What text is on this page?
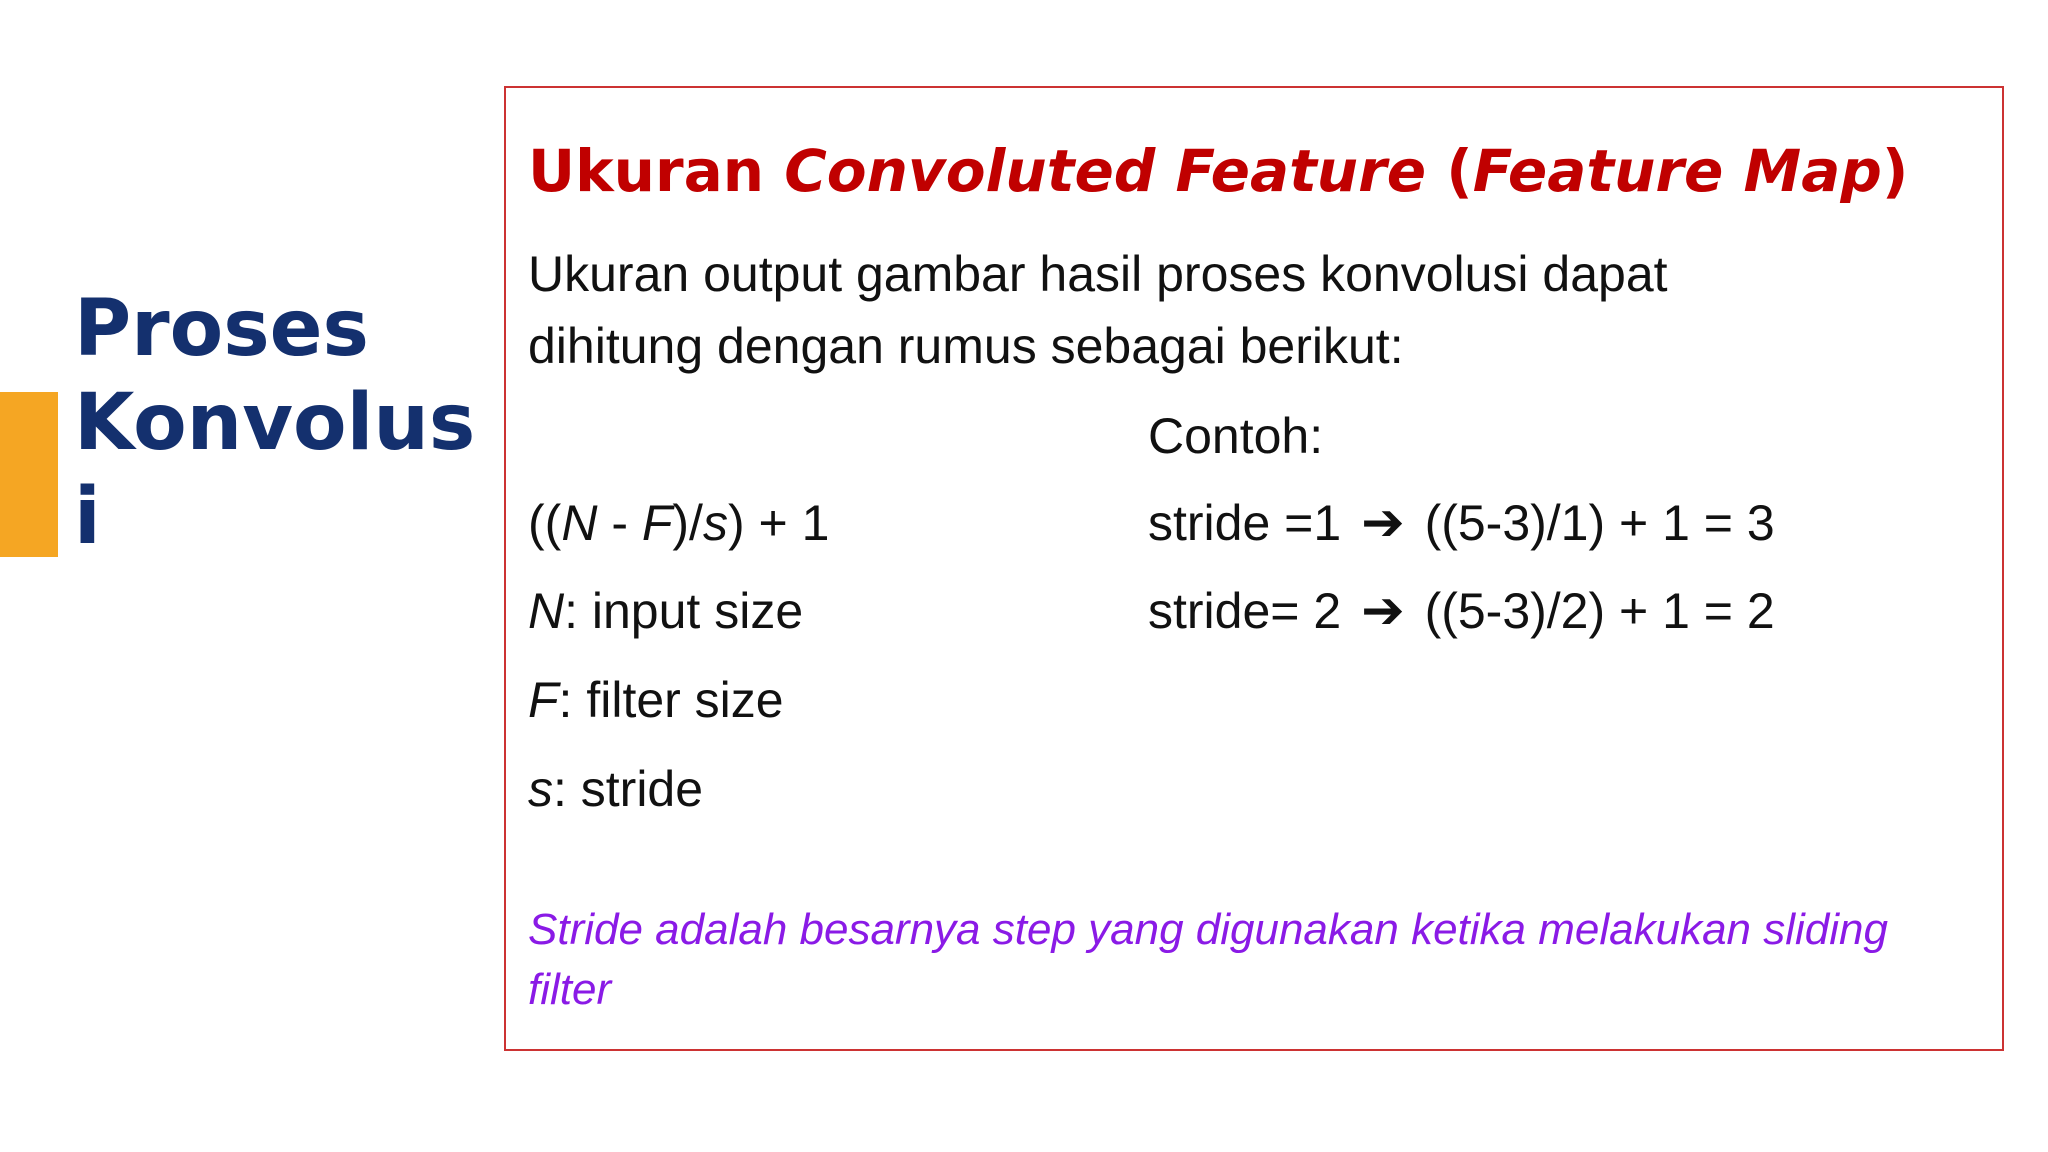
Proses
Konvolus
i
Ukuran Convoluted Feature (Feature Map)

Ukuran output gambar hasil proses konvolusi dapat
dihitung dengan rumus sebagai berikut:

Contoh:
((N - F)/s) + 1	stride =1 ➔ ((5-3)/1) + 1 = 3
N: input size	stride= 2 ➔ ((5-3)/2) + 1 = 2
F: filter size
s: stride

Stride adalah besarnya step yang digunakan ketika melakukan sliding
filter
